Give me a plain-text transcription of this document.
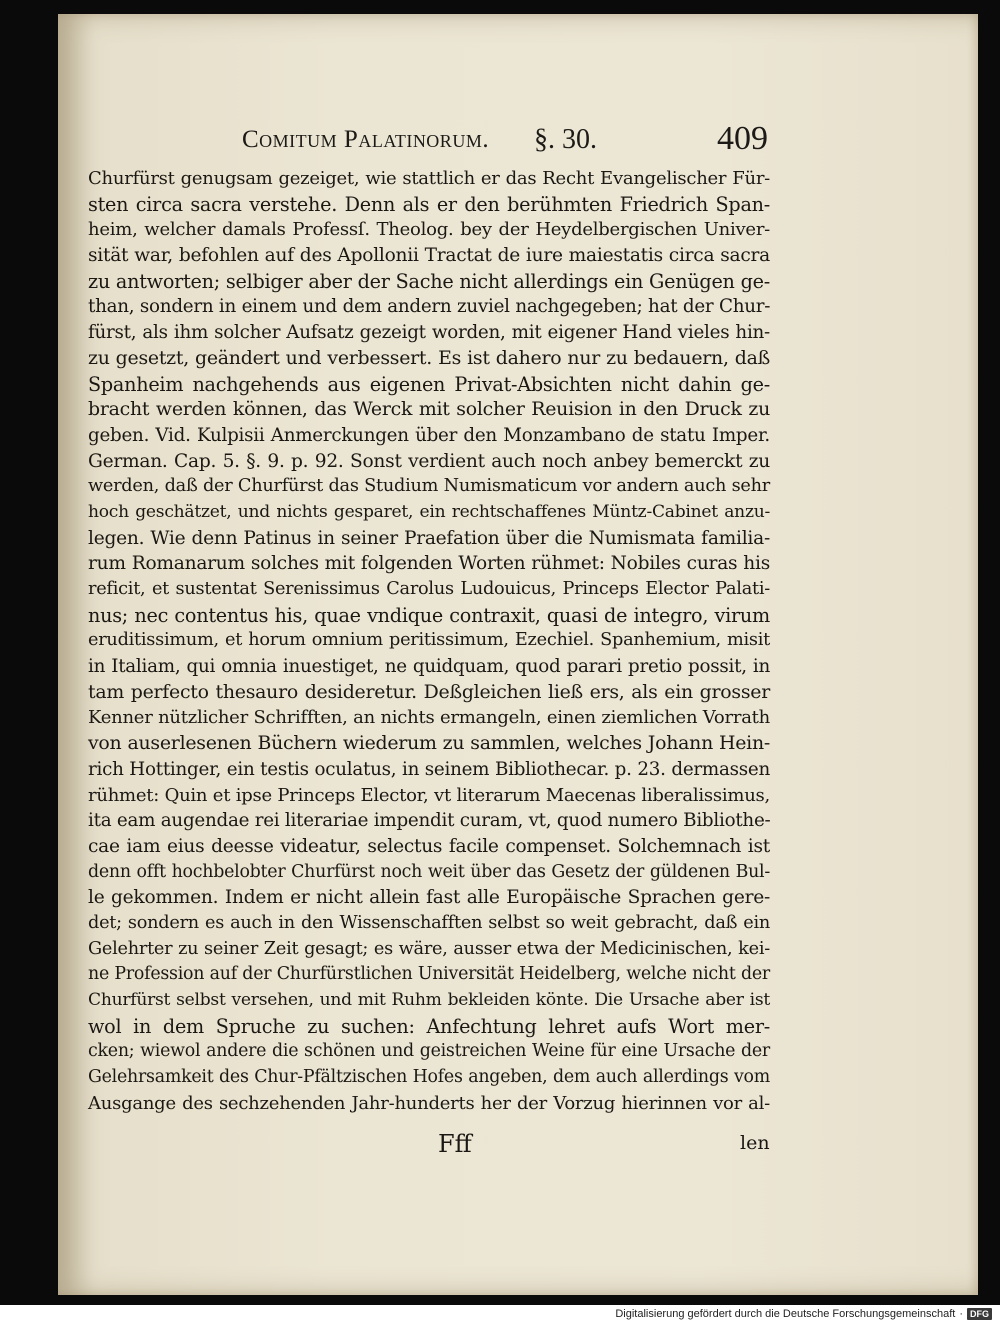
Comitum Palatinorum. §. 30.	409
Churfürst genugsam gezeiget, wie stattlich er das Recht Evangelischer Für-
sten circa sacra verstehe. Denn als er den berühmten Friedrich Span-
heim, welcher damals Professſ. Theolog. bey der Heydelbergischen Univer-
sität war, befohlen auf des Apollonii Tractat de iure maiestatis circa sacra
zu antworten; selbiger aber der Sache nicht allerdings ein Genügen ge-
than, sondern in einem und dem andern zuviel nachgegeben; hat der Chur-
fürst, als ihm solcher Aufsatz gezeigt worden, mit eigener Hand vieles hin-
zu gesetzt, geändert und verbessert. Es ist dahero nur zu bedauern, daß
Spanheim nachgehends aus eigenen Privat-Absichten nicht dahin ge-
bracht werden können, das Werck mit solcher Reuision in den Druck zu
geben. Vid. Kulpisii Anmerckungen über den Monzambano de statu Imper.
German. Cap. 5. §. 9. p. 92. Sonst verdient auch noch anbey bemerckt zu
werden, daß der Churfürst das Studium Numismaticum vor andern auch sehr
hoch geschätzet, und nichts gesparet, ein rechtschaffenes Müntz-Cabinet anzu-
legen. Wie denn Patinus in seiner Praefation über die Numismata familia-
rum Romanarum solches mit folgenden Worten rühmet: Nobiles curas his
reficit, et sustentat Serenissimus Carolus Ludouicus, Princeps Elector Palati-
nus; nec contentus his, quae vndique contraxit, quasi de integro, virum
eruditissimum, et horum omnium peritissimum, Ezechiel. Spanhemium, misit
in Italiam, qui omnia inuestiget, ne quidquam, quod parari pretio possit, in
tam perfecto thesauro desideretur. Deßgleichen ließ ers, als ein grosser
Kenner nützlicher Schrifften, an nichts ermangeln, einen ziemlichen Vorrath
von auserlesenen Büchern wiederum zu sammlen, welches Johann Hein-
rich Hottinger, ein testis oculatus, in seinem Bibliothecar. p. 23. dermassen
rühmet: Quin et ipse Princeps Elector, vt literarum Maecenas liberalissimus,
ita eam augendae rei literariae impendit curam, vt, quod numero Bibliothe-
cae iam eius deesse videatur, selectus facile compenset. Solchemnach ist
denn offt hochbelobter Churfürst noch weit über das Gesetz der güldenen Bul-
le gekommen. Indem er nicht allein fast alle Europäische Sprachen gere-
det; sondern es auch in den Wissenschafften selbst so weit gebracht, daß ein
Gelehrter zu seiner Zeit gesagt; es wäre, ausser etwa der Medicinischen, kei-
ne Profession auf der Churfürstlichen Universität Heidelberg, welche nicht der
Churfürst selbst versehen, und mit Ruhm bekleiden könte. Die Ursache aber ist
wol in dem Spruche zu suchen: Anfechtung lehret aufs Wort mer-
cken; wiewol andere die schönen und geistreichen Weine für eine Ursache der
Gelehrsamkeit des Chur-Pfältzischen Hofes angeben, dem auch allerdings vom
Ausgange des sechzehenden Jahr-hunderts her der Vorzug hierinnen vor al-
Fff	len
Digitalisierung gefördert durch die Deutsche Forschungsgemeinschaft · DFG
